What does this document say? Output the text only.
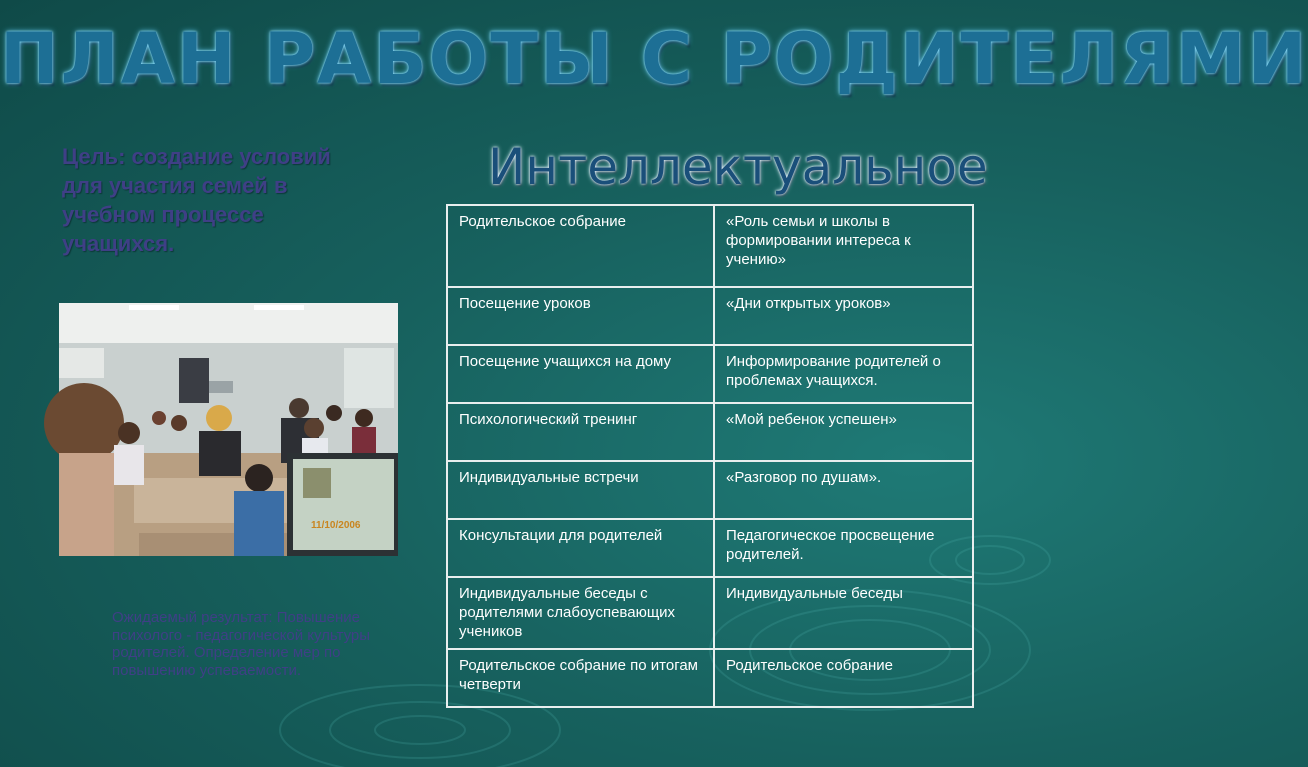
ПЛАН РАБОТЫ С РОДИТЕЛЯМИ
Интеллектуальное
Цель: создание условий для участия семей в учебном процессе учащихся.
11/10/2006
Ожидаемый результат: Повышение психолого - педагогической культуры родителей. Определение мер по повышению успеваемости.
Родительское собрание	«Роль семьи и школы в формировании интереса к учению»
Посещение уроков	«Дни открытых уроков»
Посещение учащихся на дому	Информирование родителей о проблемах учащихся.
Психологический тренинг	«Мой ребенок успешен»
Индивидуальные встречи	«Разговор по душам».
Консультации для родителей	Педагогическое просвещение родителей.
Индивидуальные беседы с родителями слабоуспевающих учеников	Индивидуальные беседы
Родительское собрание по итогам четверти	Родительское собрание
